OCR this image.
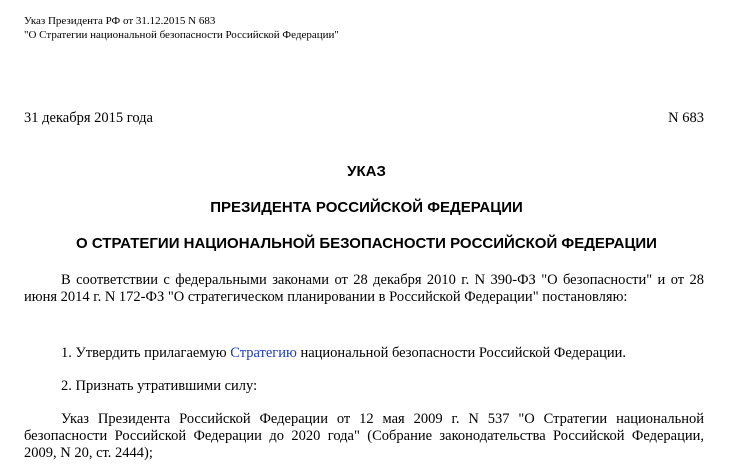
Указ Президента РФ от 31.12.2015 N 683
"О Стратегии национальной безопасности Российской Федерации"
31 декабря 2015 года	N 683
УКАЗ
ПРЕЗИДЕНТА РОССИЙСКОЙ ФЕДЕРАЦИИ
О СТРАТЕГИИ НАЦИОНАЛЬНОЙ БЕЗОПАСНОСТИ РОССИЙСКОЙ ФЕДЕРАЦИИ
В соответствии с федеральными законами от 28 декабря 2010 г. N 390-ФЗ "О безопасности" и от 28 июня 2014 г. N 172-ФЗ "О стратегическом планировании в Российской Федерации" постановляю:
1. Утвердить прилагаемую Стратегию национальной безопасности Российской Федерации.
2. Признать утратившими силу:
Указ Президента Российской Федерации от 12 мая 2009 г. N 537 "О Стратегии национальной безопасности Российской Федерации до 2020 года" (Собрание законодательства Российской Федерации, 2009, N 20, ст. 2444);
